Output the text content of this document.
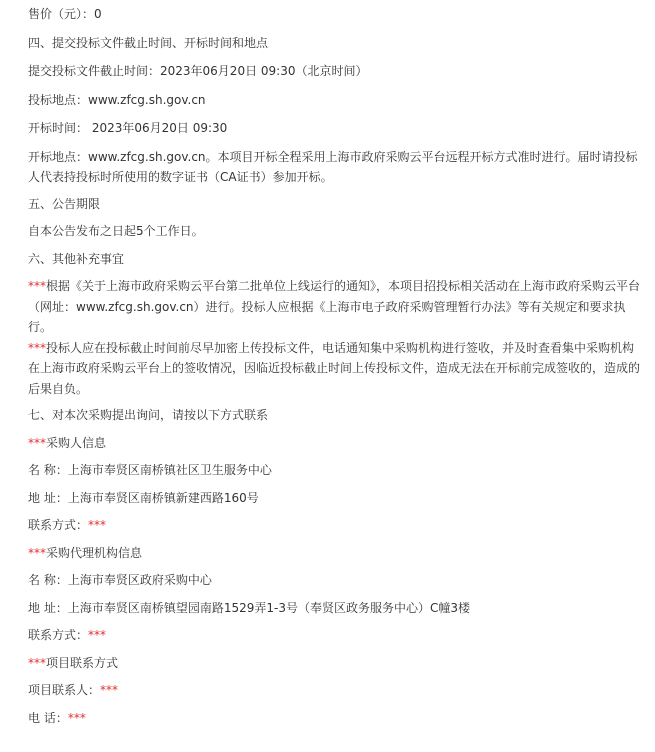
售价（元）：0

四、提交投标文件截止时间、开标时间和地点

提交投标文件截止时间：2023年06月20日 09:30（北京时间）

投标地点：www.zfcg.sh.gov.cn

开标时间： 2023年06月20日 09:30

开标地点：www.zfcg.sh.gov.cn。本项目开标全程采用上海市政府采购云平台远程开标方式准时进行。届时请投标人代表持投标时所使用的数字证书（CA证书）参加开标。

五、公告期限

自本公告发布之日起5个工作日。

六、其他补充事宜

***根据《关于上海市政府采购云平台第二批单位上线运行的通知》，本项目招投标相关活动在上海市政府采购云平台（网址：www.zfcg.sh.gov.cn）进行。投标人应根据《上海市电子政府采购管理暂行办法》等有关规定和要求执行。

***投标人应在投标截止时间前尽早加密上传投标文件，电话通知集中采购机构进行签收，并及时查看集中采购机构在上海市政府采购云平台上的签收情况，因临近投标截止时间上传投标文件，造成无法在开标前完成签收的，造成的后果自负。

七、对本次采购提出询问，请按以下方式联系

***采购人信息

名 称：上海市奉贤区南桥镇社区卫生服务中心

地 址：上海市奉贤区南桥镇新建西路160号

联系方式：***

***采购代理机构信息

名 称：上海市奉贤区政府采购中心

地 址：上海市奉贤区南桥镇望园南路1529弄1-3号（奉贤区政务服务中心）C幢3楼

联系方式：***

***项目联系方式

项目联系人：***

电 话：***
